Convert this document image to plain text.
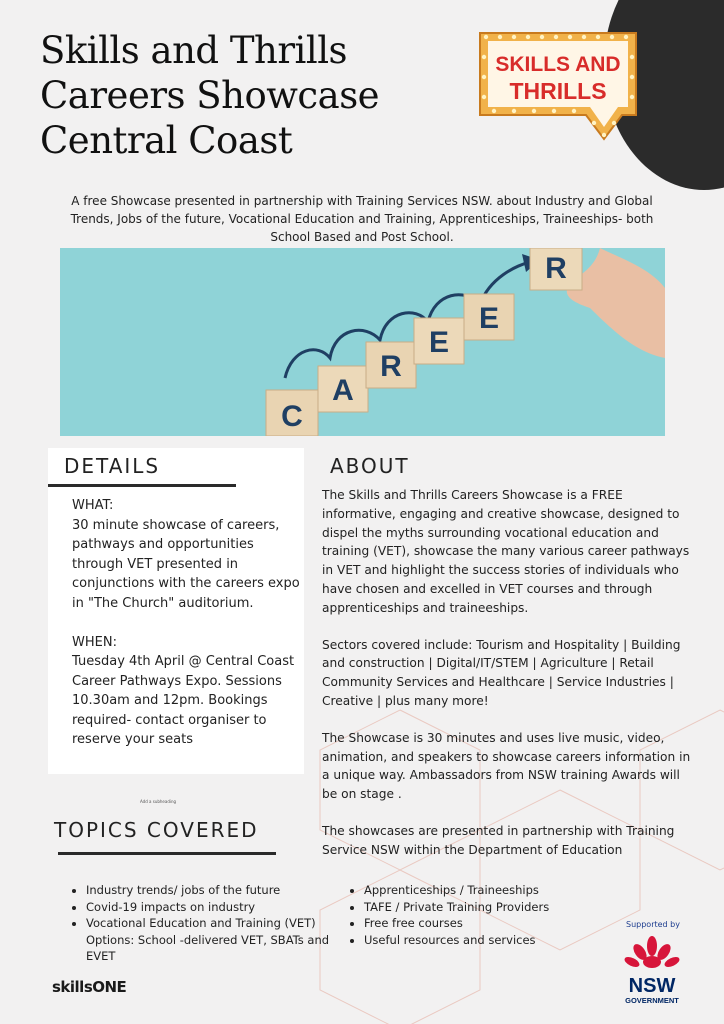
Skills and Thrills
Careers Showcase
Central Coast
SKILLS AND
THRILLS
A free Showcase presented in partnership with Training Services NSW. about Industry and Global Trends, Jobs of the future, Vocational Education and Training, Apprenticeships, Traineeships- both School Based and Post School.
C
A
R
E
E
R
DETAILS
WHAT:
30 minute showcase of careers, pathways and opportunities through VET presented in conjunctions with the careers expo in "The Church" auditorium.

WHEN:
Tuesday 4th April @ Central Coast Career Pathways Expo. Sessions 10.30am and 12pm. Bookings required- contact organiser to reserve your seats
ABOUT

The Skills and Thrills Careers Showcase is a FREE informative, engaging and creative showcase, designed to dispel the myths surrounding vocational education and training (VET), showcase the many various career pathways in VET and highlight the success stories of individuals who have chosen and excelled in VET courses and through apprenticeships and traineeships.

Sectors covered include: Tourism and Hospitality | Building and construction | Digital/IT/STEM | Agriculture | Retail Community Services and Healthcare | Service Industries | Creative | plus many more!

The Showcase is 30 minutes and uses live music, video, animation, and speakers to showcase careers information in a unique way. Ambassadors from NSW training Awards will be on stage .

The showcases are presented in partnership with Training Service NSW within the Department of Education

Add a subheading
TOPICS COVERED
• Industry trends/ jobs of the future
• Covid-19 impacts on industry
• Vocational Education and Training (VET) Options: School -delivered VET, SBATs and EVET
• Apprenticeships / Traineeships
• TAFE / Private Training Providers
• Free free courses
• Useful resources and services
skillsONE
Supported by
NSW
GOVERNMENT
